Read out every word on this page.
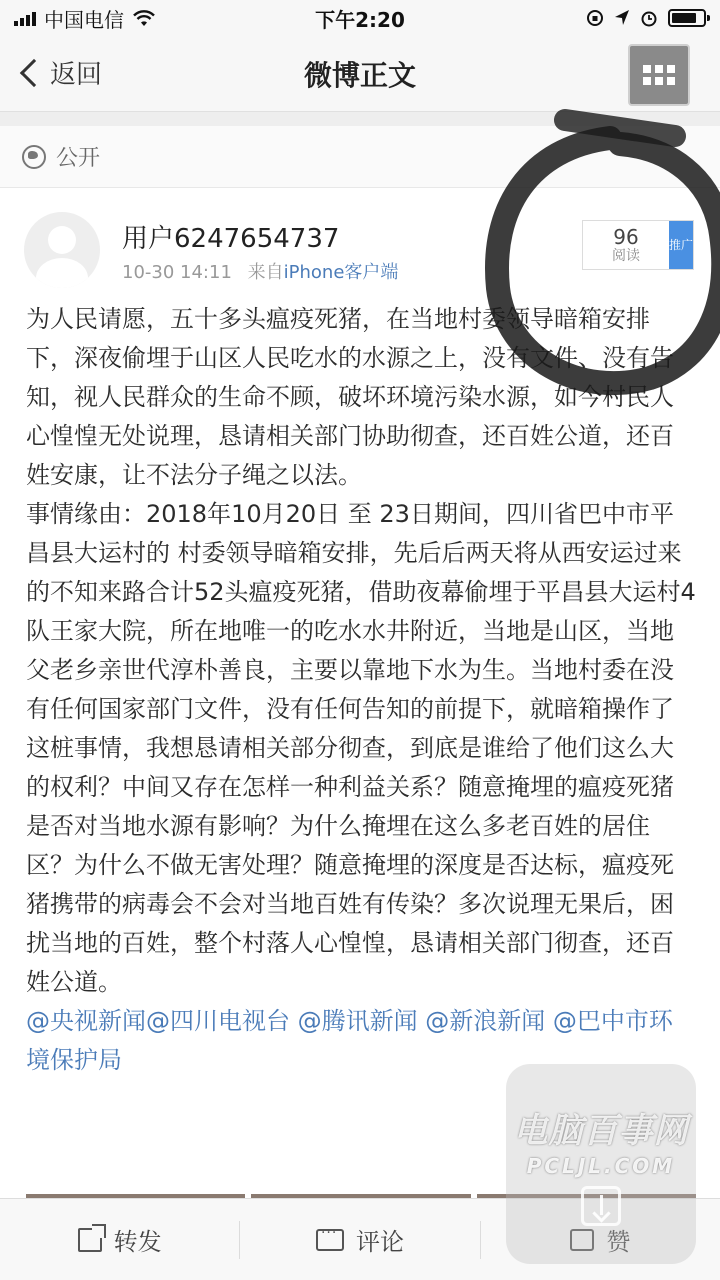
中国电信	下午2:20
返回	微博正文
公开
用户6247654737
10-30 14:11 来自iPhone客户端
96
阅读
推广

为人民请愿，五十多头瘟疫死猪，在当地村委领导暗箱安排下，深夜偷埋于山区人民吃水的水源之上，没有文件、没有告知，视人民群众的生命不顾，破坏环境污染水源，如今村民人心惶惶无处说理，恳请相关部门协助彻查，还百姓公道，还百姓安康，让不法分子绳之以法。

事情缘由：2018年10月20日 至 23日期间，四川省巴中市平昌县大运村的 村委领导暗箱安排，先后后两天将从西安运过来的不知来路合计52头瘟疫死猪，借助夜幕偷埋于平昌县大运村4队王家大院，所在地唯一的吃水水井附近，当地是山区，当地父老乡亲世代淳朴善良，主要以靠地下水为生。当地村委在没有任何国家部门文件，没有任何告知的前提下，就暗箱操作了这桩事情，我想恳请相关部分彻查，到底是谁给了他们这么大的权利？中间又存在怎样一种利益关系？随意掩埋的瘟疫死猪是否对当地水源有影响？为什么掩埋在这么多老百姓的居住区？为什么不做无害处理？随意掩埋的深度是否达标，瘟疫死猪携带的病毒会不会对当地百姓有传染？多次说理无果后，困扰当地的百姓，整个村落人心惶惶，恳请相关部门彻查，还百姓公道。

@央视新闻@四川电视台 @腾讯新闻 @新浪新闻 @巴中市环境保护局

转发
···	评论	赞
电脑百事网
PCLJL.COM
